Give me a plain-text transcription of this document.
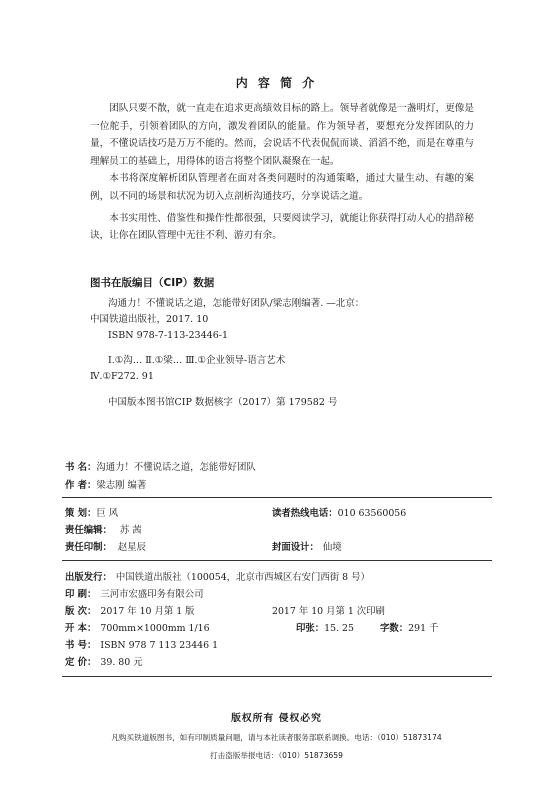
内 容 简 介

团队只要不散，就一直走在追求更高绩效目标的路上。领导者就像是一盏明灯，更像是一位舵手，引领着团队的方向，激发着团队的能量。作为领导者，要想充分发挥团队的力量，不懂说话技巧是万万不能的。然而，会说话不代表侃侃而谈、滔滔不绝，而是在尊重与理解员工的基础上，用得体的语言将整个团队凝聚在一起。

本书将深度解析团队管理者在面对各类问题时的沟通策略，通过大量生动、有趣的案例，以不同的场景和状况为切入点剖析沟通技巧，分享说话之道。

本书实用性、借鉴性和操作性都很强，只要阅读学习，就能让你获得打动人心的措辞秘诀，让你在团队管理中无往不利、游刃有余。

图书在版编目（CIP）数据
沟通力！不懂说话之道，怎能带好团队/梁志刚编著. —北京：
中国铁道出版社，2017. 10
ISBN 978-7-113-23446-1
Ⅰ.①沟… Ⅱ.①梁… Ⅲ.①企业领导-语言艺术
Ⅳ.①F272. 91
中国版本图书馆CIP 数据核字（2017）第 179582 号
书 名：沟通力！不懂说话之道，怎能带好团队
作 者：梁志刚 编著
策 划：巨 风	读者热线电话：010 63560056
责任编辑： 苏 茜
责任印制： 赵星辰	封面设计： 仙境
出版发行： 中国铁道出版社（100054，北京市西城区右安门西街 8 号）
印 刷： 三河市宏盛印务有限公司
版 次： 2017 年 10 月第 1 版	2017 年 10 月第 1 次印刷
开 本： 700mm×1000mm 1/16	印张：15. 25	字数：291 千
书 号： ISBN 978 7 113 23446 1
定 价： 39. 80 元
版权所有 侵权必究
凡购买铁道版图书，如有印制质量问题，请与本社读者服务部联系调换。电话：（010）51873174
打击盗版举报电话：（010）51873659
